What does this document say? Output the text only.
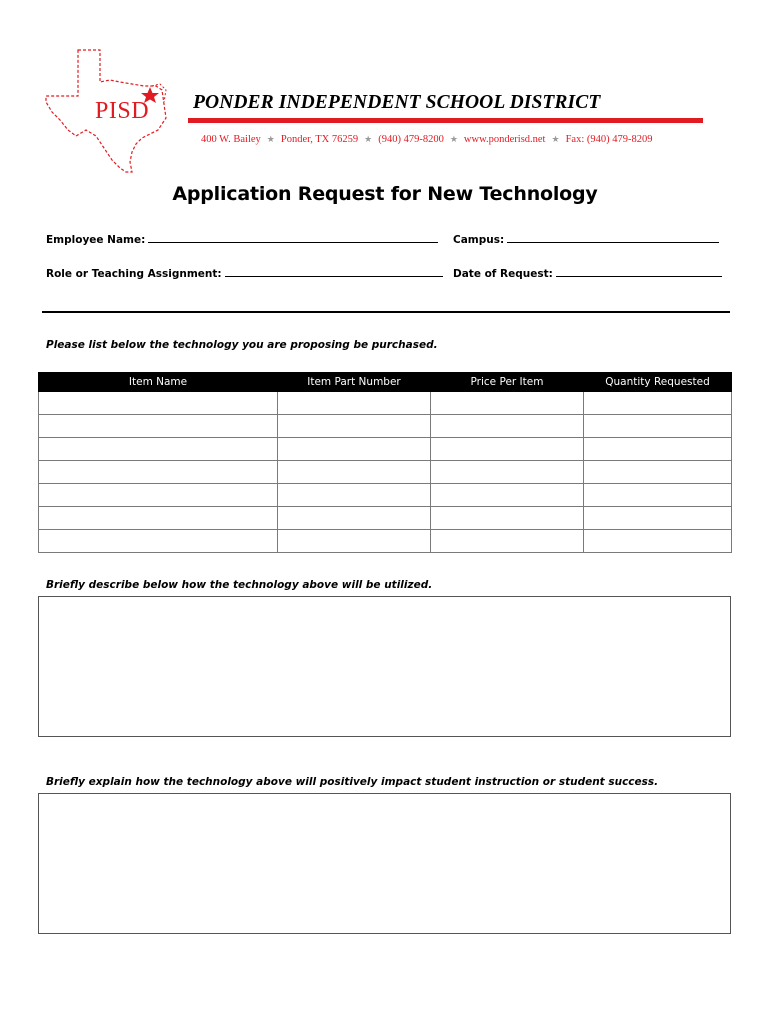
PISD PONDER INDEPENDENT SCHOOL DISTRICT
400 W. Bailey ★ Ponder, TX 76259 ★ (940) 479-8200 ★ www.ponderisd.net ★ Fax: (940) 479-8209
Application Request for New Technology
Employee Name:	Campus:
Role or Teaching Assignment:	Date of Request:
Please list below the technology you are proposing be purchased.
Item Name	Item Part Number	Price Per Item	Quantity Requested

Briefly describe below how the technology above will be utilized.
Briefly explain how the technology above will positively impact student instruction or student success.
